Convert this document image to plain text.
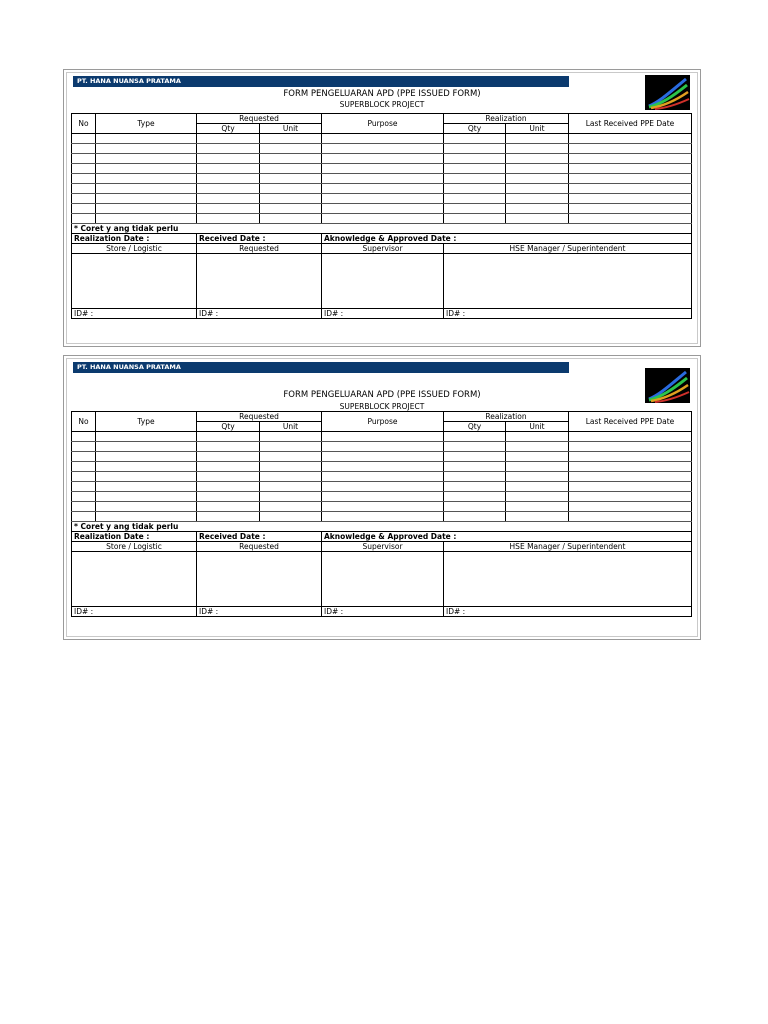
PT. HANA NUANSA PRATAMA
FORM PENGELUARAN APD (PPE ISSUED FORM)
SUPERBLOCK PROJECT
No	Type	Requested		Purpose	Realization		Last Received PPE Date
		Qty	Unit		Qty	Unit	

* Coret y ang tidak perlu							
Realization Date :		Received Date :		Aknowledge & Approved Date :			
Store / Logistic		Requested		Supervisor	HSE Manager / Superintendent		

ID# :		ID# :		ID# :	ID# :		
PT. HANA NUANSA PRATAMA
FORM PENGELUARAN APD (PPE ISSUED FORM)
SUPERBLOCK PROJECT
No	Type	Requested		Purpose	Realization		Last Received PPE Date
		Qty	Unit		Qty	Unit	

* Coret y ang tidak perlu							
Realization Date :		Received Date :		Aknowledge & Approved Date :			
Store / Logistic		Requested		Supervisor	HSE Manager / Superintendent		

ID# :		ID# :		ID# :	ID# :		
